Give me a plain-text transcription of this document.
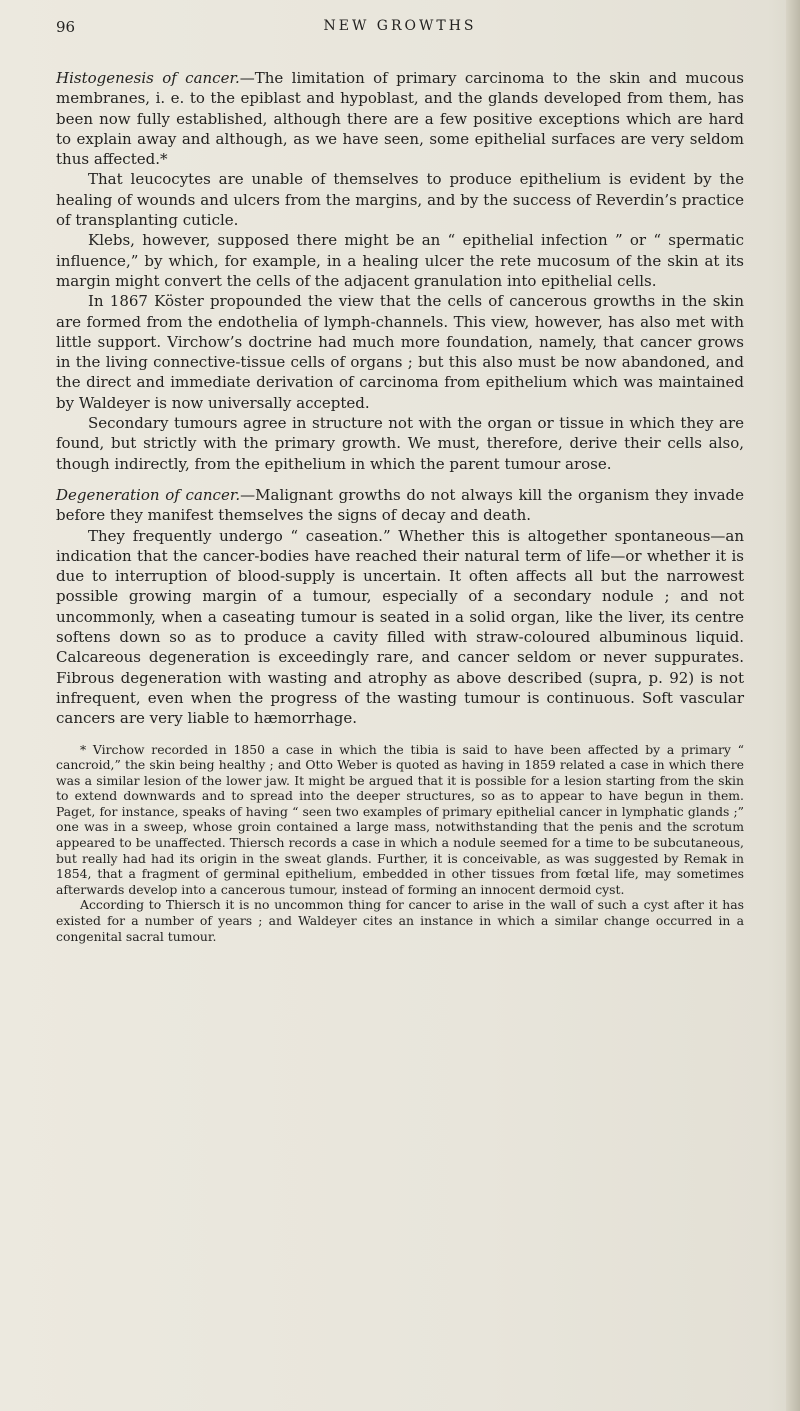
96	NEW GROWTHS

Histogenesis of cancer.—The limitation of primary carcinoma to the skin and mucous membranes, i. e. to the epiblast and hypoblast, and the glands developed from them, has been now fully established, although there are a few positive exceptions which are hard to explain away and although, as we have seen, some epithelial surfaces are very seldom thus affected.*

That leucocytes are unable of themselves to produce epithelium is evident by the healing of wounds and ulcers from the margins, and by the success of Reverdin’s practice of transplanting cuticle.

Klebs, however, supposed there might be an “ epithelial infection ” or “ spermatic influence,” by which, for example, in a healing ulcer the rete mucosum of the skin at its margin might convert the cells of the adjacent granulation into epithelial cells.

In 1867 Köster propounded the view that the cells of cancerous growths in the skin are formed from the endothelia of lymph-channels. This view, however, has also met with little support. Virchow’s doctrine had much more foundation, namely, that cancer grows in the living connective-tissue cells of organs ; but this also must be now abandoned, and the direct and immediate derivation of carcinoma from epithelium which was maintained by Waldeyer is now universally accepted.

Secondary tumours agree in structure not with the organ or tissue in which they are found, but strictly with the primary growth. We must, therefore, derive their cells also, though indirectly, from the epithelium in which the parent tumour arose.

Degeneration of cancer.—Malignant growths do not always kill the organism they invade before they manifest themselves the signs of decay and death.

They frequently undergo “ caseation.” Whether this is altogether spontaneous—an indication that the cancer-bodies have reached their natural term of life—or whether it is due to interruption of blood-supply is uncertain. It often affects all but the narrowest possible growing margin of a tumour, especially of a secondary nodule ; and not uncommonly, when a caseating tumour is seated in a solid organ, like the liver, its centre softens down so as to produce a cavity filled with straw-coloured albuminous liquid. Calcareous degeneration is exceedingly rare, and cancer seldom or never suppurates. Fibrous degeneration with wasting and atrophy as above described (supra, p. 92) is not infrequent, even when the progress of the wasting tumour is continuous. Soft vascular cancers are very liable to hæmorrhage.

* Virchow recorded in 1850 a case in which the tibia is said to have been affected by a primary “ cancroid,” the skin being healthy ; and Otto Weber is quoted as having in 1859 related a case in which there was a similar lesion of the lower jaw. It might be argued that it is possible for a lesion starting from the skin to extend downwards and to spread into the deeper structures, so as to appear to have begun in them. Paget, for instance, speaks of having “ seen two examples of primary epithelial cancer in lymphatic glands ;” one was in a sweep, whose groin contained a large mass, notwithstanding that the penis and the scrotum appeared to be unaffected. Thiersch records a case in which a nodule seemed for a time to be subcutaneous, but really had had its origin in the sweat glands. Further, it is conceivable, as was suggested by Remak in 1854, that a fragment of germinal epithelium, embedded in other tissues from fœtal life, may sometimes afterwards develop into a cancerous tumour, instead of forming an innocent dermoid cyst.

According to Thiersch it is no uncommon thing for cancer to arise in the wall of such a cyst after it has existed for a number of years ; and Waldeyer cites an instance in which a similar change occurred in a congenital sacral tumour.
